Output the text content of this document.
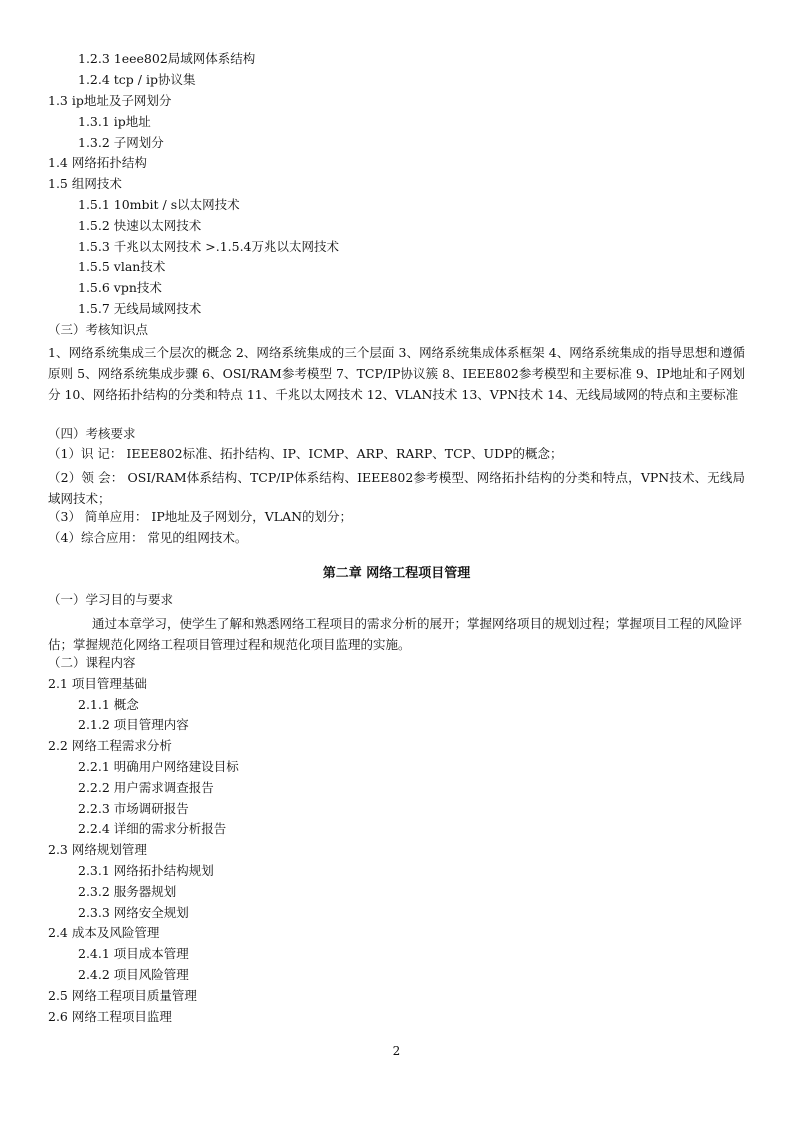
1.2.3 1eee802局域网体系结构
1.2.4 tcp / ip协议集
1.3 ip地址及子网划分
1.3.1 ip地址
1.3.2 子网划分
1.4 网络拓扑结构
1.5 组网技术
1.5.1 10mbit / s以太网技术
1.5.2 快速以太网技术
1.5.3 千兆以太网技术 >.1.5.4万兆以太网技术
1.5.5 vlan技术
1.5.6 vpn技术
1.5.7 无线局域网技术
（三）考核知识点
1、网络系统集成三个层次的概念 2、网络系统集成的三个层面 3、网络系统集成体系框架 4、网络系统集成的指导思想和遵循原则 5、网络系统集成步骤 6、OSI/RAM参考模型 7、TCP/IP协议簇 8、IEEE802参考模型和主要标准 9、IP地址和子网划分 10、网络拓扑结构的分类和特点 11、千兆以太网技术 12、VLAN技术 13、VPN技术 14、无线局域网的特点和主要标准
（四）考核要求
（1）识 记： IEEE802标准、拓扑结构、IP、ICMP、ARP、RARP、TCP、UDP的概念；
（2）领 会： OSI/RAM体系结构、TCP/IP体系结构、IEEE802参考模型、网络拓扑结构的分类和特点，VPN技术、无线局域网技术；
（3） 简单应用： IP地址及子网划分，VLAN的划分；
（4）综合应用： 常见的组网技术。
第二章 网络工程项目管理
（一）学习目的与要求
通过本章学习，使学生了解和熟悉网络工程项目的需求分析的展开；掌握网络项目的规划过程；掌握项目工程的风险评估；掌握规范化网络工程项目管理过程和规范化项目监理的实施。
（二）课程内容
2.1 项目管理基础
2.1.1 概念
2.1.2 项目管理内容
2.2 网络工程需求分析
2.2.1 明确用户网络建设目标
2.2.2 用户需求调查报告
2.2.3 市场调研报告
2.2.4 详细的需求分析报告
2.3 网络规划管理
2.3.1 网络拓扑结构规划
2.3.2 服务器规划
2.3.3 网络安全规划
2.4 成本及风险管理
2.4.1 项目成本管理
2.4.2 项目风险管理
2.5 网络工程项目质量管理
2.6 网络工程项目监理
2
